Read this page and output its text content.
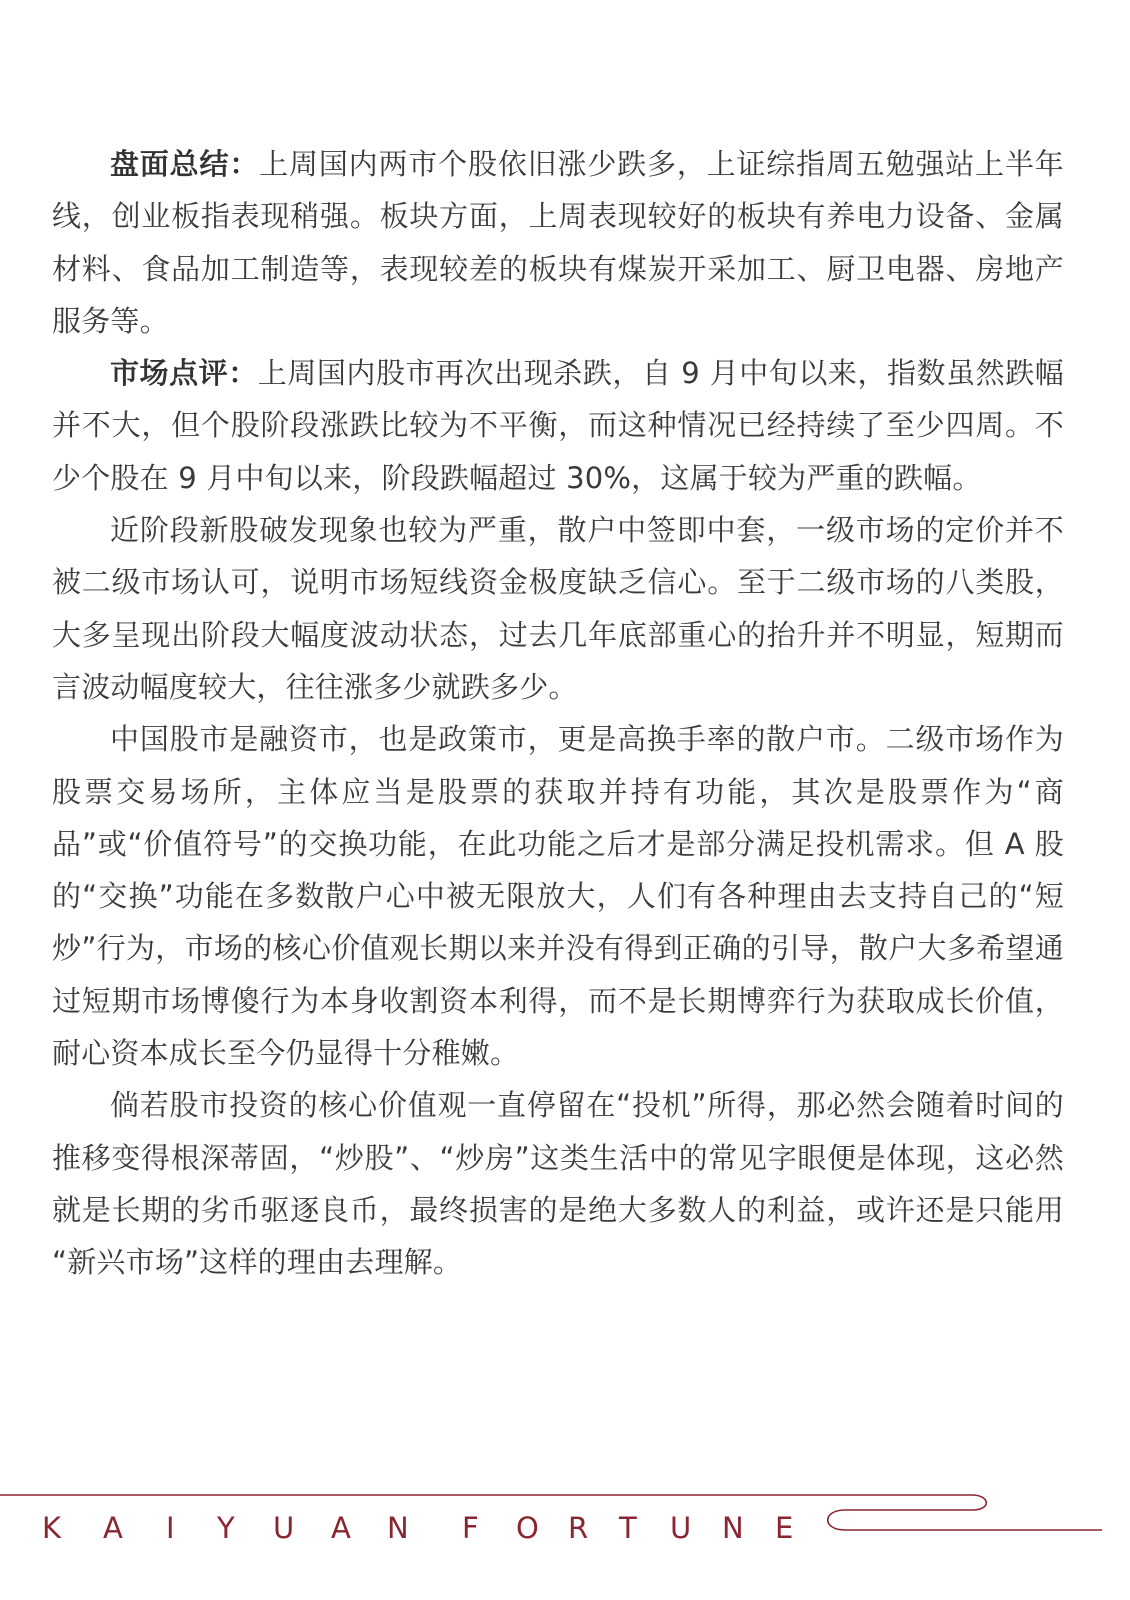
盘面总结：上周国内两市个股依旧涨少跌多，上证综指周五勉强站上半年线，创业板指表现稍强。板块方面，上周表现较好的板块有养电力设备、金属材料、食品加工制造等，表现较差的板块有煤炭开采加工、厨卫电器、房地产服务等。

市场点评：上周国内股市再次出现杀跌，自 9 月中旬以来，指数虽然跌幅并不大，但个股阶段涨跌比较为不平衡，而这种情况已经持续了至少四周。不少个股在 9 月中旬以来，阶段跌幅超过 30%，这属于较为严重的跌幅。

近阶段新股破发现象也较为严重，散户中签即中套，一级市场的定价并不被二级市场认可，说明市场短线资金极度缺乏信心。至于二级市场的八类股，大多呈现出阶段大幅度波动状态，过去几年底部重心的抬升并不明显，短期而言波动幅度较大，往往涨多少就跌多少。

中国股市是融资市，也是政策市，更是高换手率的散户市。二级市场作为股票交易场所，主体应当是股票的获取并持有功能，其次是股票作为“商品”或“价值符号”的交换功能，在此功能之后才是部分满足投机需求。但 A 股的“交换”功能在多数散户心中被无限放大，人们有各种理由去支持自己的“短炒”行为，市场的核心价值观长期以来并没有得到正确的引导，散户大多希望通过短期市场博傻行为本身收割资本利得，而不是长期博弈行为获取成长价值，耐心资本成长至今仍显得十分稚嫩。

倘若股市投资的核心价值观一直停留在“投机”所得，那必然会随着时间的推移变得根深蒂固，“炒股”、“炒房”这类生活中的常见字眼便是体现，这必然就是长期的劣币驱逐良币，最终损害的是绝大多数人的利益，或许还是只能用 “新兴市场”这样的理由去理解。

K A I Y U A N F O R T U N E
